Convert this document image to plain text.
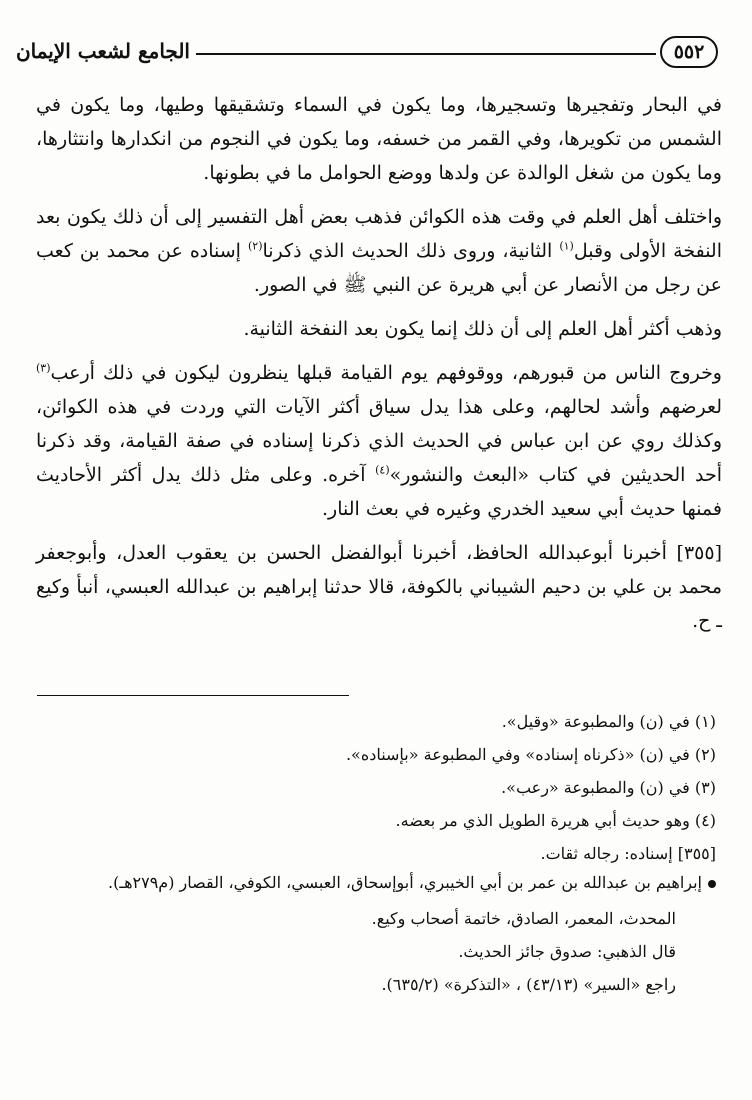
٥٥٢
الجامع لشعب الإيمان

في البحار وتفجيرها وتسجيرها، وما يكون في السماء وتشقيقها وطيها، وما يكون في الشمس من تكويرها، وفي القمر من خسفه، وما يكون في النجوم من انكدارها وانتثارها، وما يكون من شغل الوالدة عن ولدها ووضع الحوامل ما في بطونها.

واختلف أهل العلم في وقت هذه الكوائن فذهب بعض أهل التفسير إلى أن ذلك يكون بعد النفخة الأولى وقبل$^{(١)}$ الثانية، وروى ذلك الحديث الذي ذكرنا$^{(٢)}$ إسناده عن محمد بن كعب عن رجل من الأنصار عن أبي هريرة عن النبي ﷺ في الصور.

وذهب أكثر أهل العلم إلى أن ذلك إنما يكون بعد النفخة الثانية.

وخروج الناس من قبورهم، ووقوفهم يوم القيامة قبلها ينظرون ليكون في ذلك أرعب$^{(٣)}$ لعرضهم وأشد لحالهم، وعلى هذا يدل سياق أكثر الآيات التي وردت في هذه الكوائن، وكذلك روي عن ابن عباس في الحديث الذي ذكرنا إسناده في صفة القيامة، وقد ذكرنا أحد الحديثين في كتاب «البعث والنشور»$^{(٤)}$ آخره. وعلى مثل ذلك يدل أكثر الأحاديث فمنها حديث أبي سعيد الخدري وغيره في بعث النار.

[٣٥٥] أخبرنا أبوعبدالله الحافظ، أخبرنا أبوالفضل الحسن بن يعقوب العدل، وأبوجعفر محمد بن علي بن دحيم الشيباني بالكوفة، قالا حدثنا إبراهيم بن عبدالله العبسي، أنبأ وكيع ـ ح.

(١) في (ن) والمطبوعة «وقيل».

(٢) في (ن) «ذكرناه إسناده» وفي المطبوعة «بإسناده».

(٣) في (ن) والمطبوعة «رعب».

(٤) وهو حديث أبي هريرة الطويل الذي مر بعضه.

[٣٥٥] إسناده: رجاله ثقات.

إبراهيم بن عبدالله بن عمر بن أبي الخيبري، أبوإسحاق، العبسي، الكوفي، القصار (م٢٧٩هـ).

المحدث، المعمر، الصادق، خاتمة أصحاب وكيع.

قال الذهبي: صدوق جائز الحديث.

راجع «السير» (٤٣/١٣) ، «التذكرة» (٦٣٥/٢).
